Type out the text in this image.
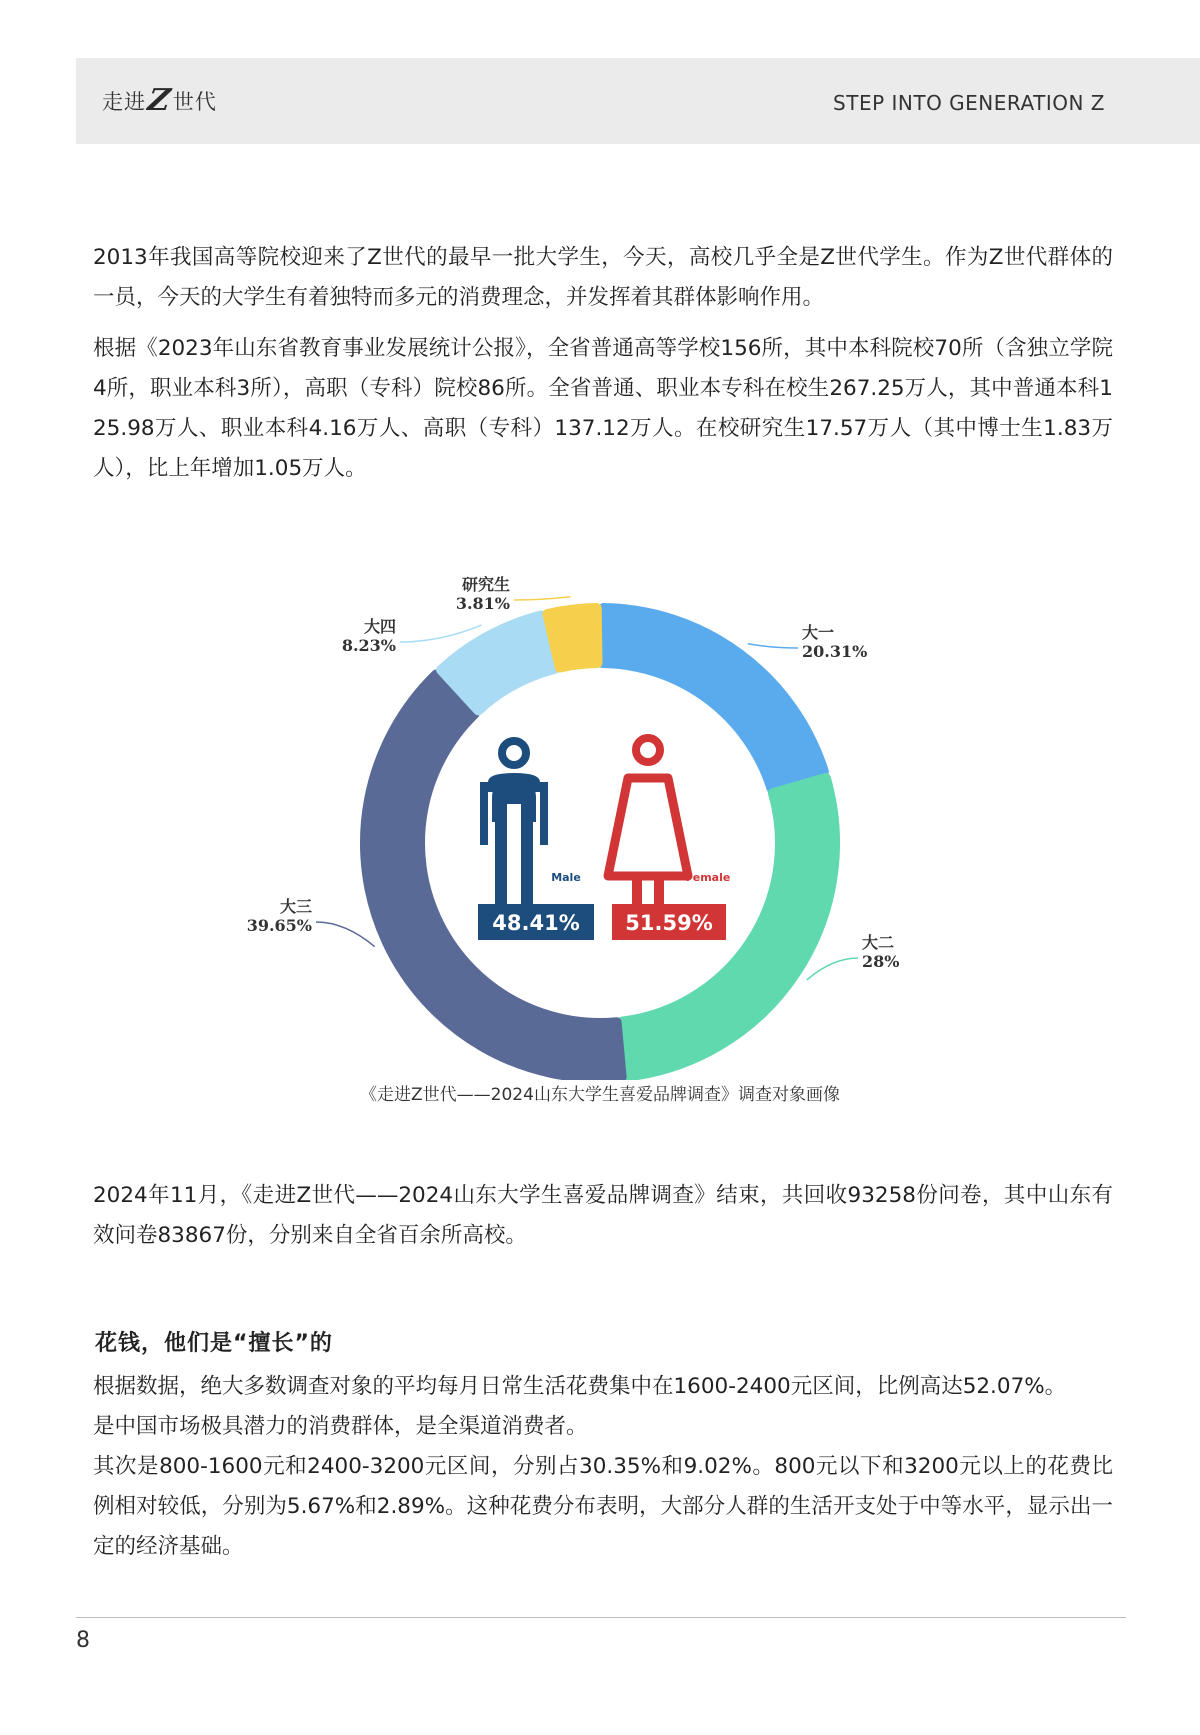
走进 Z 世代	STEP INTO GENERATION Z

2013年我国高等院校迎来了Z世代的最早一批大学生，今天，高校几乎全是Z世代学生。作为Z世代群体的一员，今天的大学生有着独特而多元的消费理念，并发挥着其群体影响作用。

根据《2023年山东省教育事业发展统计公报》，全省普通高等学校156所，其中本科院校70所（含独立学院4所，职业本科3所），高职（专科）院校86所。全省普通、职业本专科在校生267.25万人，其中普通本科125.98万人、职业本科4.16万人、高职（专科）137.12万人。在校研究生17.57万人（其中博士生1.83万人），比上年增加1.05万人。

大一
20.31%
大二
28%
大三
39.65%
大四
8.23%
研究生
3.81%
Male	Female
48.41% 51.59%
《走进Z世代——2024山东大学生喜爱品牌调查》调查对象画像

2024年11月，《走进Z世代——2024山东大学生喜爱品牌调查》结束，共回收93258份问卷，其中山东有效问卷83867份，分别来自全省百余所高校。

花钱，他们是“擅长”的

根据数据，绝大多数调查对象的平均每月日常生活花费集中在1600-2400元区间，比例高达52.07%。
是中国市场极具潜力的消费群体，是全渠道消费者。
其次是800-1600元和2400-3200元区间，分别占30.35%和9.02%。800元以下和3200元以上的花费比例相对较低，分别为5.67%和2.89%。这种花费分布表明，大部分人群的生活开支处于中等水平，显示出一定的经济基础。

8
